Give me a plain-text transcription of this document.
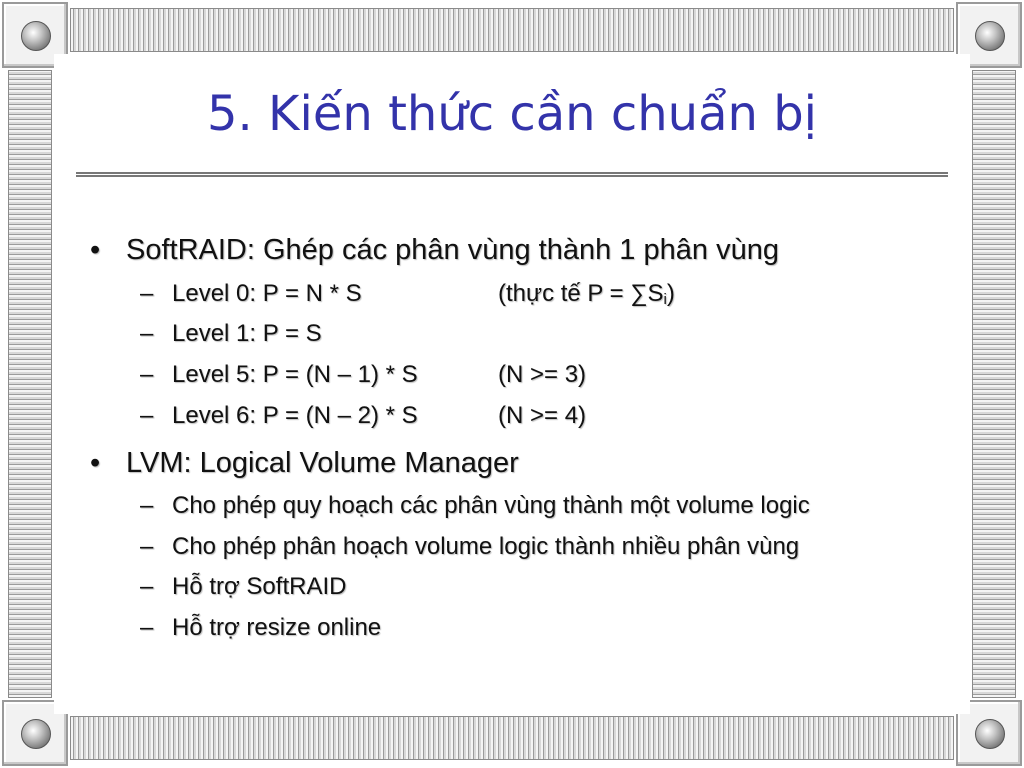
5. Kiến thức cần chuẩn bị
• SoftRAID: Ghép các phân vùng thành 1 phân vùng
– Level 0: P = N * S	(thực tế $P = \sum S_i$)
– Level 1: P = S
– Level 5: P = (N – 1) * S	(N >= 3)
– Level 6: P = (N – 2) * S	(N >= 4)
• LVM: Logical Volume Manager
– Cho phép quy hoạch các phân vùng thành một volume logic
– Cho phép phân hoạch volume logic thành nhiều phân vùng
– Hỗ trợ SoftRAID
– Hỗ trợ resize online
